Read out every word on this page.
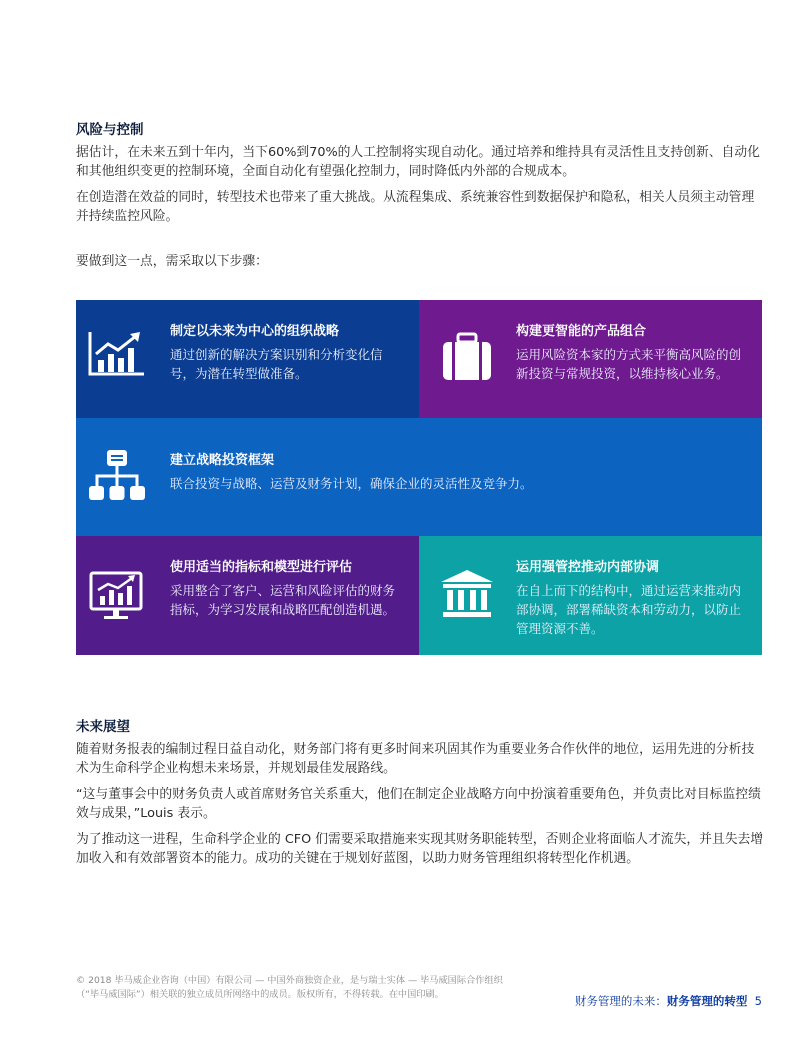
风险与控制
据估计，在未来五到十年内，当下60%到70%的人工控制将实现自动化。通过培养和维持具有灵活性且支持创新、自动化和其他组织变更的控制环境，全面自动化有望强化控制力，同时降低内外部的合规成本。
在创造潜在效益的同时，转型技术也带来了重大挑战。从流程集成、系统兼容性到数据保护和隐私，相关人员须主动管理并持续监控风险。
要做到这一点，需采取以下步骤：
制定以未来为中心的组织战略
通过创新的解决方案识别和分析变化信号，为潜在转型做准备。
构建更智能的产品组合
运用风险资本家的方式来平衡高风险的创新投资与常规投资，以维持核心业务。
建立战略投资框架
联合投资与战略、运营及财务计划，确保企业的灵活性及竞争力。
使用适当的指标和模型进行评估
采用整合了客户、运营和风险评估的财务指标，为学习发展和战略匹配创造机遇。
运用强管控推动内部协调
在自上而下的结构中，通过运营来推动内部协调，部署稀缺资本和劳动力，以防止管理资源不善。
未来展望
随着财务报表的编制过程日益自动化，财务部门将有更多时间来巩固其作为重要业务合作伙伴的地位，运用先进的分析技术为生命科学企业构想未来场景，并规划最佳发展路线。
“这与董事会中的财务负责人或首席财务官关系重大，他们在制定企业战略方向中扮演着重要角色，并负责比对目标监控绩效与成果，”Louis 表示。
为了推动这一进程，生命科学企业的 CFO 们需要采取措施来实现其财务职能转型，否则企业将面临人才流失，并且失去增加收入和有效部署资本的能力。成功的关键在于规划好蓝图，以助力财务管理组织将转型化作机遇。
© 2018 毕马威企业咨询（中国）有限公司 — 中国外商独资企业，是与瑞士实体 — 毕马威国际合作组织（“毕马威国际”）相关联的独立成员所网络中的成员。版权所有，不得转载。在中国印刷。	财务管理的未来：财务管理的转型 5
